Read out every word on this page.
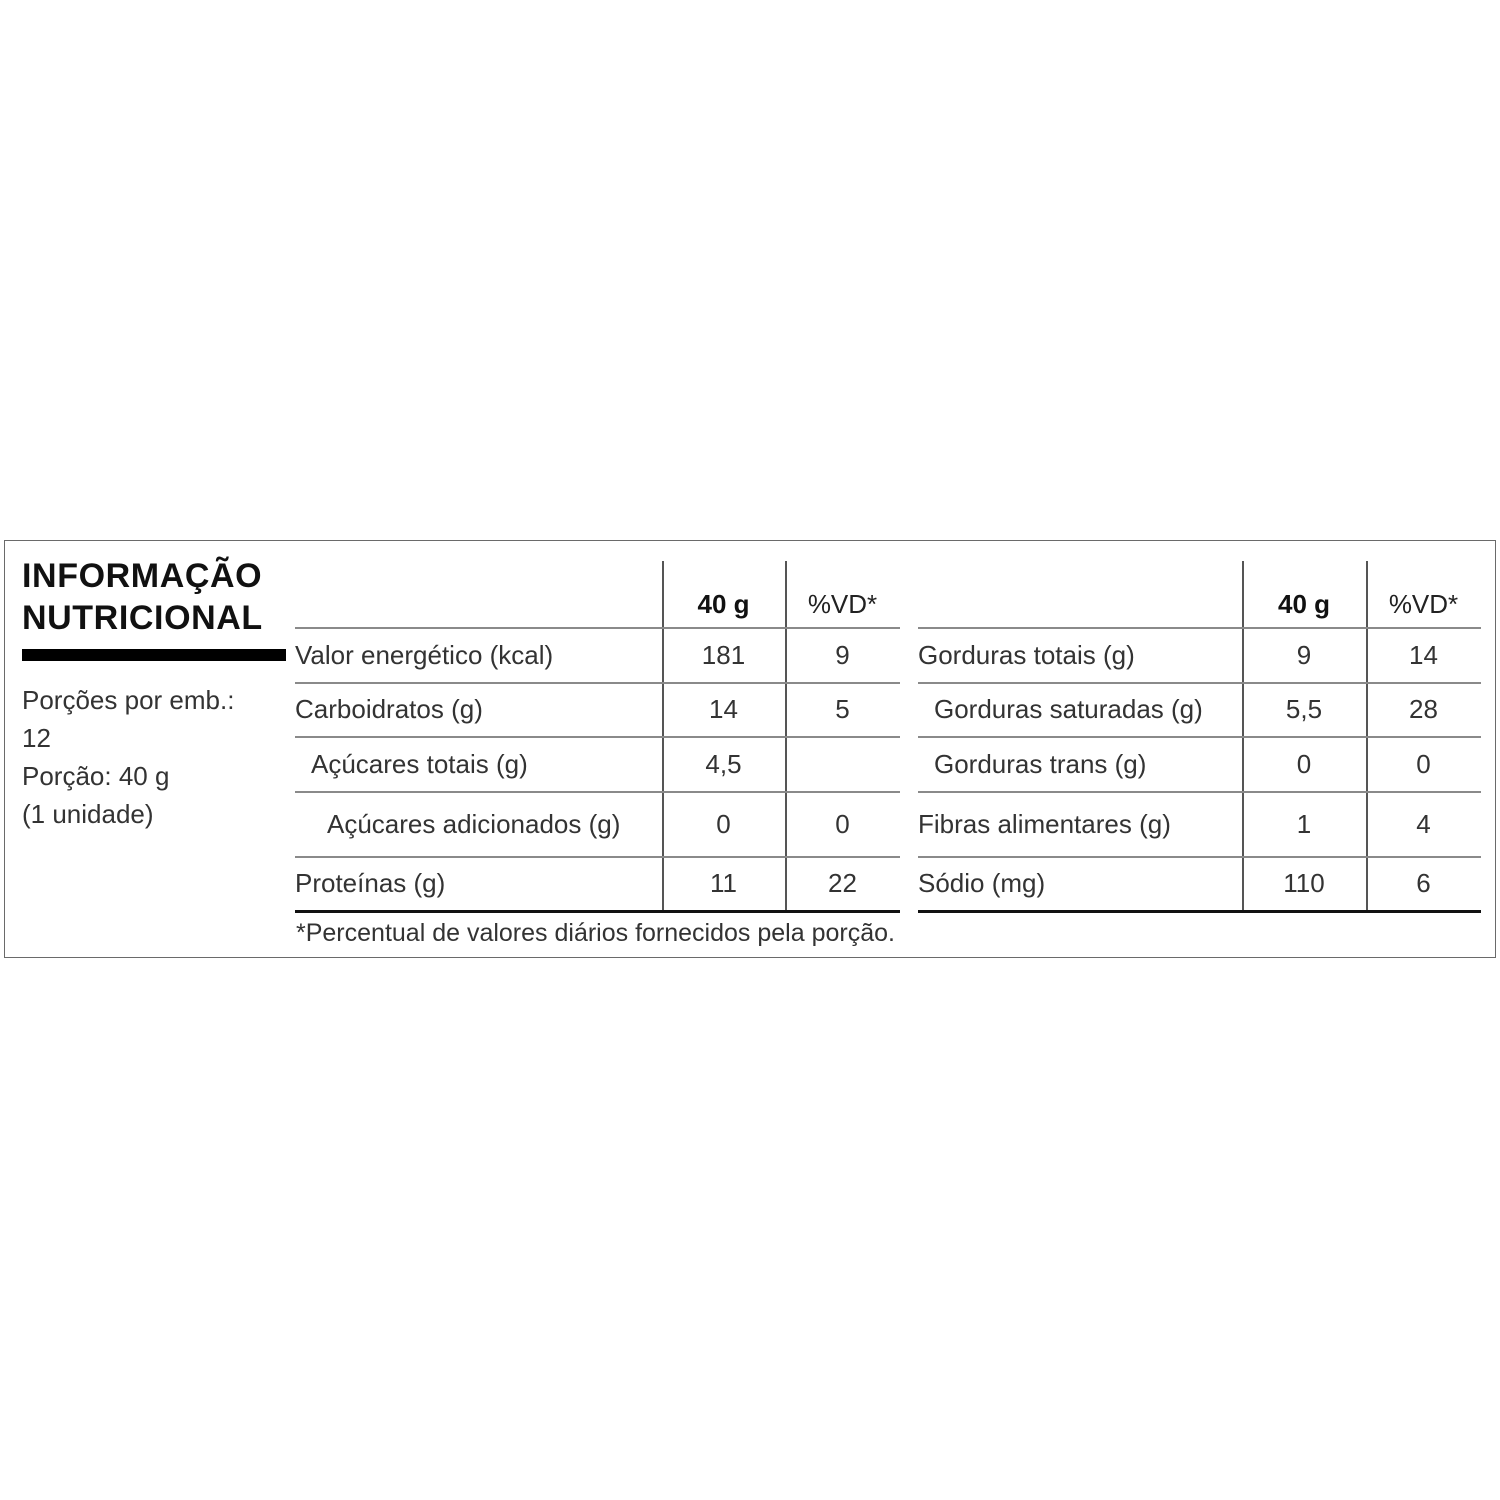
INFORMAÇÃO
NUTRICIONAL
Porções por emb.:
12
Porção: 40 g
(1 unidade)
40 g	%VD*
Valor energético (kcal)	181	9
Carboidratos (g)	14	5
Açúcares totais (g)	4,5
Açúcares adicionados (g)	0	0
Proteínas (g)	11	22
40 g	%VD*
Gorduras totais (g)	9	14
Gorduras saturadas (g)	5,5	28
Gorduras trans (g)	0	0
Fibras alimentares (g)	1	4
Sódio (mg)	110	6
*Percentual de valores diários fornecidos pela porção.
